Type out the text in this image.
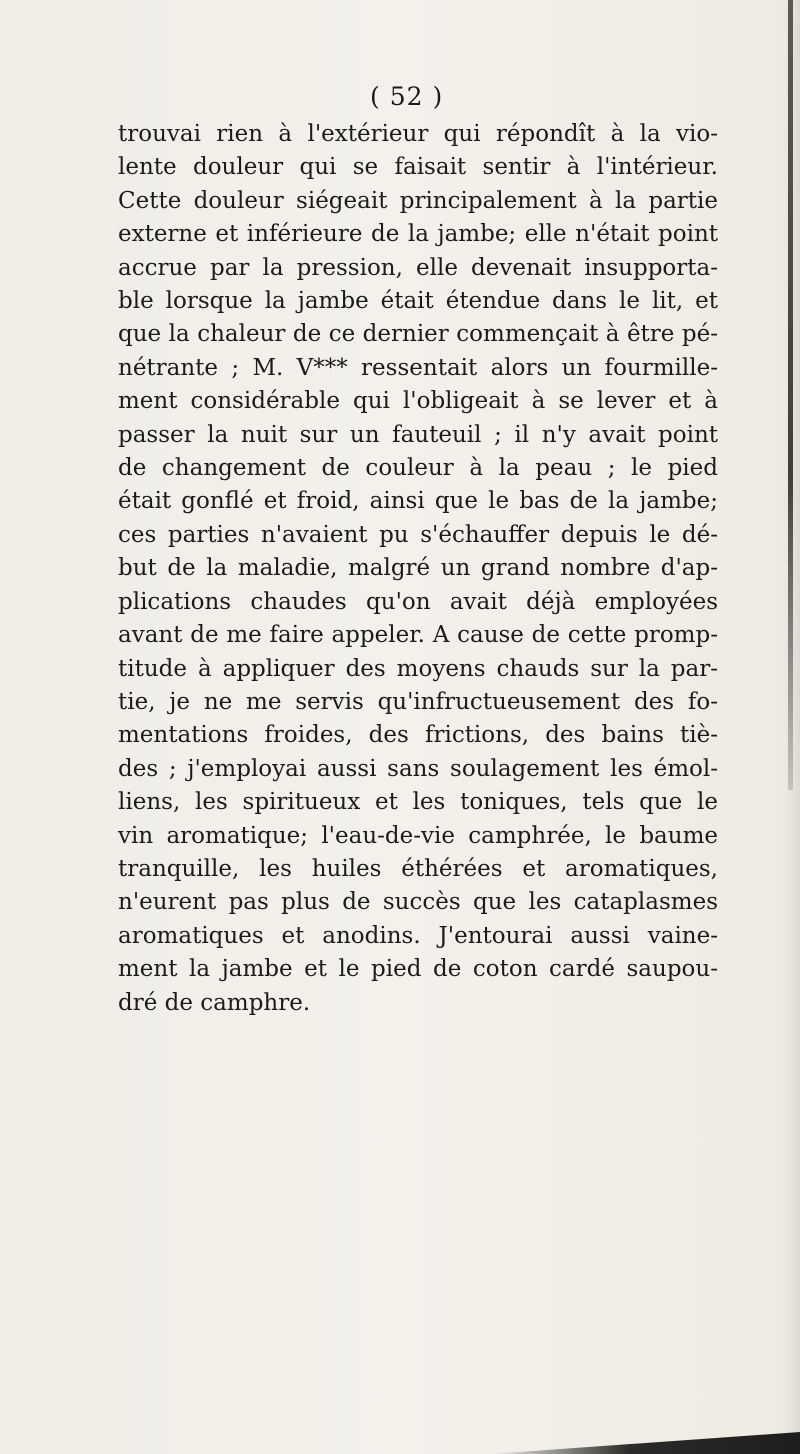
( 52 )
trouvai rien à l'extérieur qui répondît à la vio-
lente douleur qui se faisait sentir à l'intérieur.
Cette douleur siégeait principalement à la partie
externe et inférieure de la jambe; elle n'était point
accrue par la pression, elle devenait insupporta-
ble lorsque la jambe était étendue dans le lit, et
que la chaleur de ce dernier commençait à être pé-
nétrante ; M. V*** ressentait alors un fourmille-
ment considérable qui l'obligeait à se lever et à
passer la nuit sur un fauteuil ; il n'y avait point
de changement de couleur à la peau ; le pied
était gonflé et froid, ainsi que le bas de la jambe;
ces parties n'avaient pu s'échauffer depuis le dé-
but de la maladie, malgré un grand nombre d'ap-
plications chaudes qu'on avait déjà employées
avant de me faire appeler. A cause de cette promp-
titude à appliquer des moyens chauds sur la par-
tie, je ne me servis qu'infructueusement des fo-
mentations froides, des frictions, des bains tiè-
des ; j'employai aussi sans soulagement les émol-
liens, les spiritueux et les toniques, tels que le
vin aromatique; l'eau-de-vie camphrée, le baume
tranquille, les huiles éthérées et aromatiques,
n'eurent pas plus de succès que les cataplasmes
aromatiques et anodins. J'entourai aussi vaine-
ment la jambe et le pied de coton cardé saupou-
dré de camphre.
